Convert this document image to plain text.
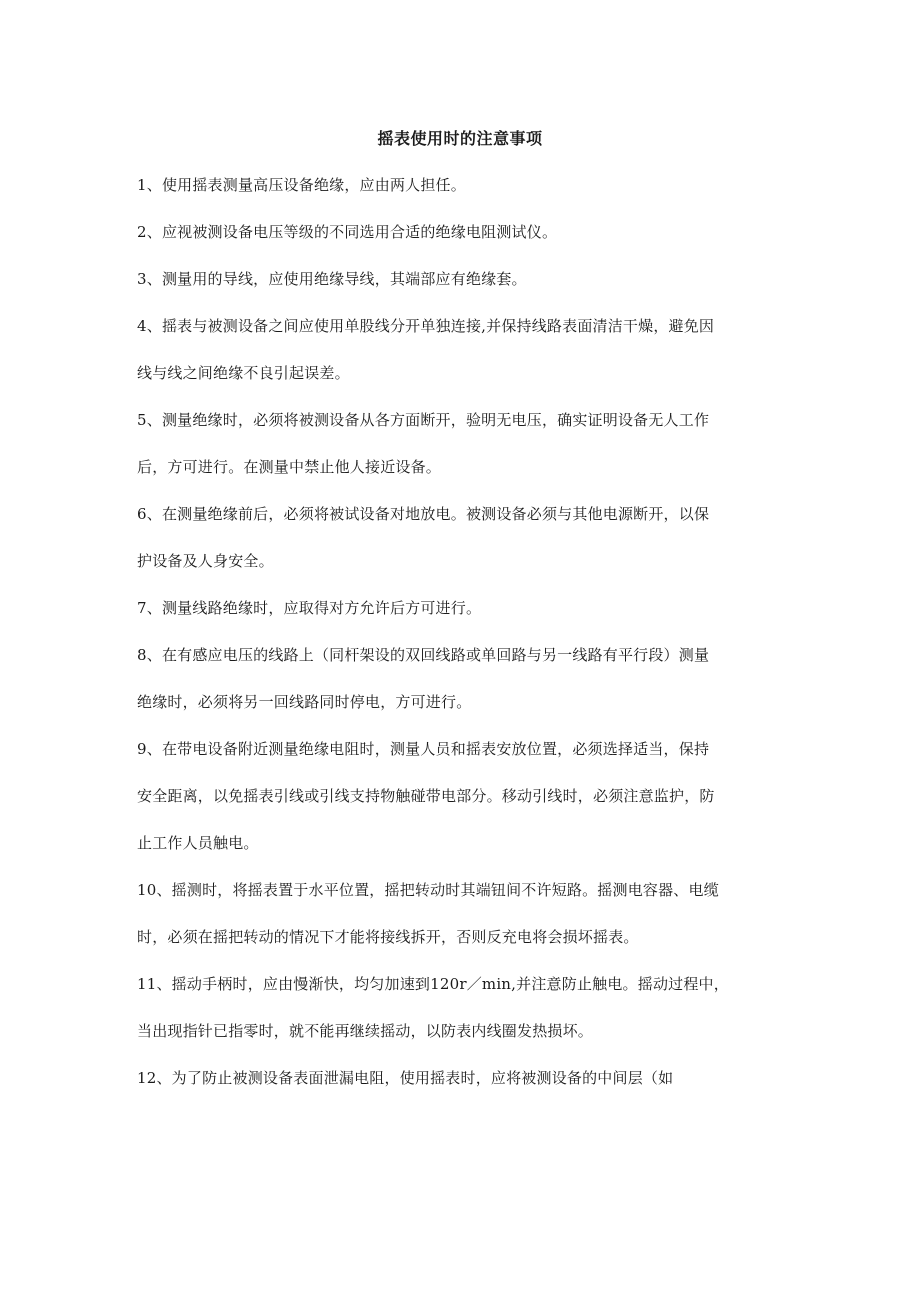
摇表使用时的注意事项
1、使用摇表测量高压设备绝缘，应由两人担任。
2、应视被测设备电压等级的不同选用合适的绝缘电阻测试仪。
3、测量用的导线，应使用绝缘导线，其端部应有绝缘套。
4、摇表与被测设备之间应使用单股线分开单独连接,并保持线路表面清洁干燥，避免因
线与线之间绝缘不良引起误差。
5、测量绝缘时，必须将被测设备从各方面断开，验明无电压，确实证明设备无人工作
后，方可进行。在测量中禁止他人接近设备。
6、在测量绝缘前后，必须将被试设备对地放电。被测设备必须与其他电源断开，以保
护设备及人身安全。
7、测量线路绝缘时，应取得对方允许后方可进行。
8、在有感应电压的线路上（同杆架设的双回线路或单回路与另一线路有平行段）测量
绝缘时，必须将另一回线路同时停电，方可进行。
9、在带电设备附近测量绝缘电阻时，测量人员和摇表安放位置，必须选择适当，保持
安全距离，以免摇表引线或引线支持物触碰带电部分。移动引线时，必须注意监护，防
止工作人员触电。
10、摇测时，将摇表置于水平位置，摇把转动时其端钮间不许短路。摇测电容器、电缆
时，必须在摇把转动的情况下才能将接线拆开，否则反充电将会损坏摇表。
11、摇动手柄时，应由慢渐快，均匀加速到120r／min,并注意防止触电。摇动过程中，
当出现指针已指零时，就不能再继续摇动，以防表内线圈发热损坏。
12、为了防止被测设备表面泄漏电阻，使用摇表时，应将被测设备的中间层（如
